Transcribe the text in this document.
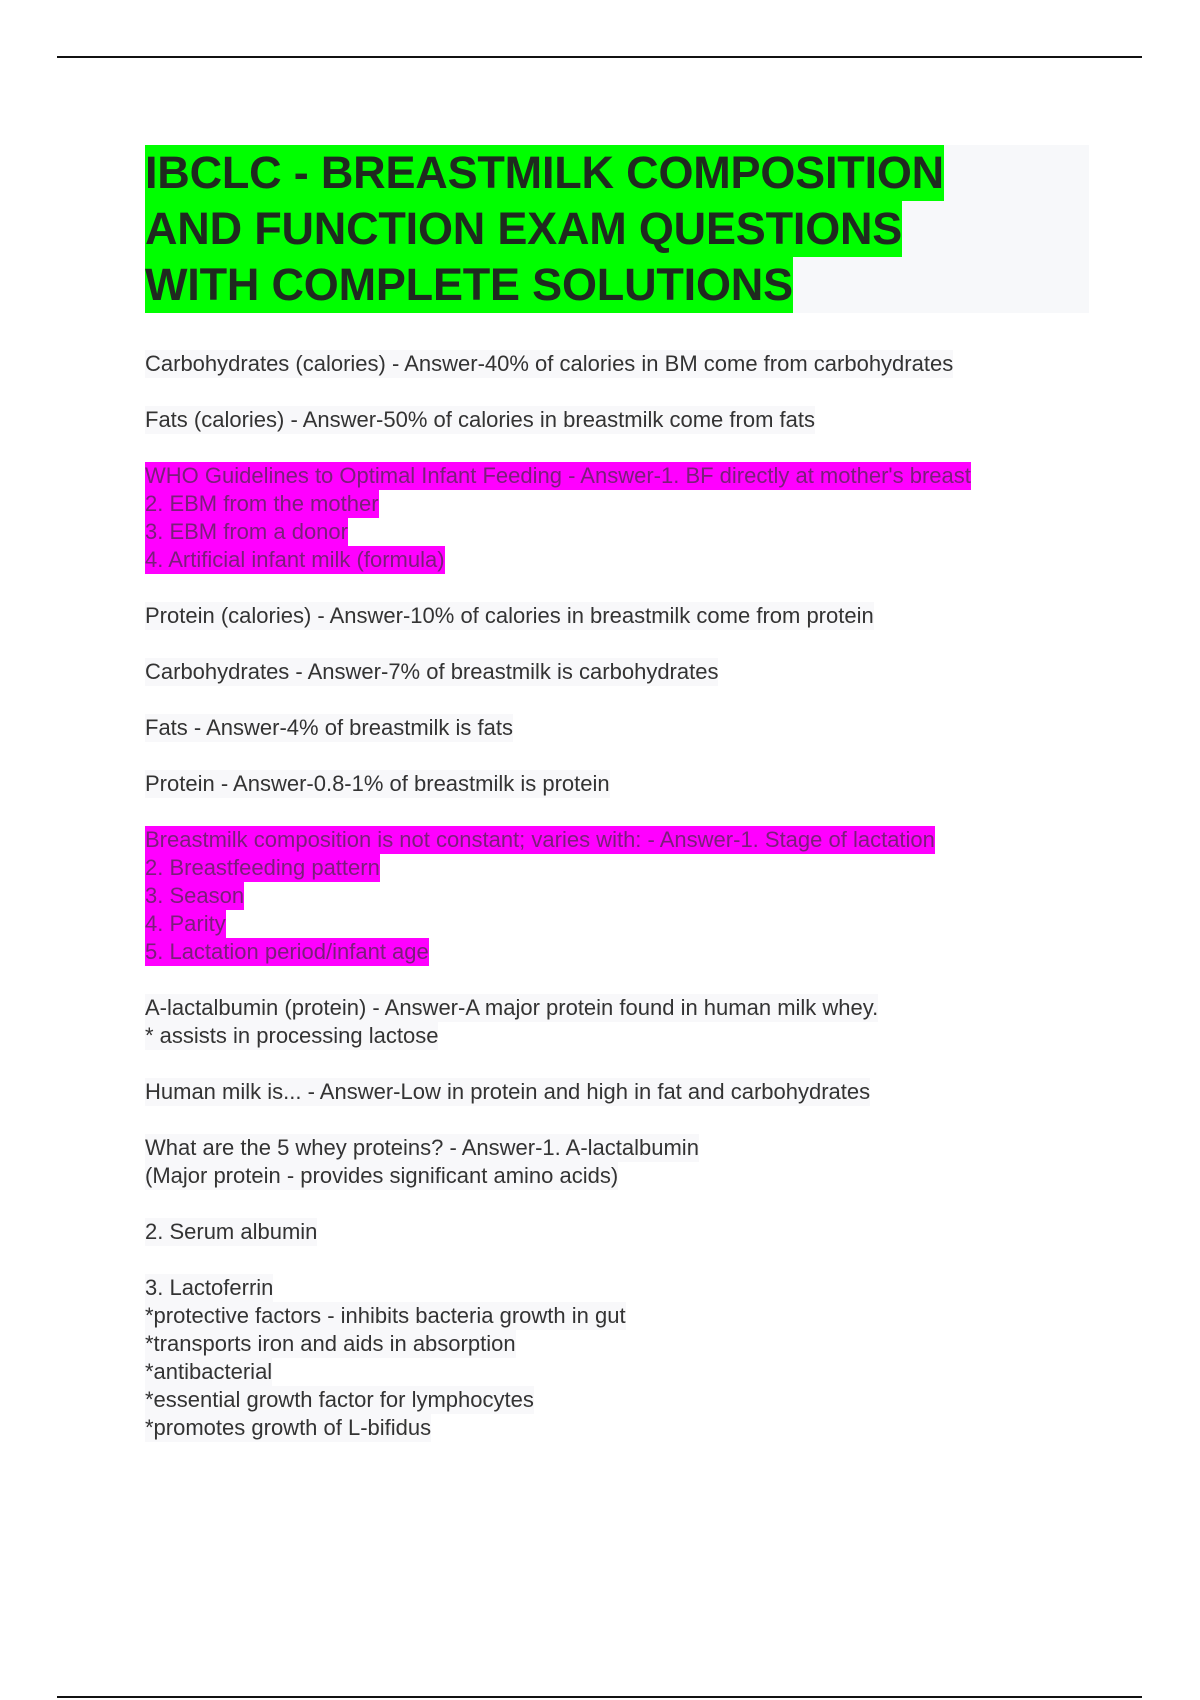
IBCLC - BREASTMILK COMPOSITION
AND FUNCTION EXAM QUESTIONS
WITH COMPLETE SOLUTIONS
Carbohydrates (calories) - Answer-40% of calories in BM come from carbohydrates
Fats (calories) - Answer-50% of calories in breastmilk come from fats
WHO Guidelines to Optimal Infant Feeding - Answer-1. BF directly at mother's breast
2. EBM from the mother
3. EBM from a donor
4. Artificial infant milk (formula)
Protein (calories) - Answer-10% of calories in breastmilk come from protein
Carbohydrates - Answer-7% of breastmilk is carbohydrates
Fats - Answer-4% of breastmilk is fats
Protein - Answer-0.8-1% of breastmilk is protein
Breastmilk composition is not constant; varies with: - Answer-1. Stage of lactation
2. Breastfeeding pattern
3. Season
4. Parity
5. Lactation period/infant age
A-lactalbumin (protein) - Answer-A major protein found in human milk whey.
* assists in processing lactose
Human milk is... - Answer-Low in protein and high in fat and carbohydrates
What are the 5 whey proteins? - Answer-1. A-lactalbumin
(Major protein - provides significant amino acids)
2. Serum albumin
3. Lactoferrin
*protective factors - inhibits bacteria growth in gut
*transports iron and aids in absorption
*antibacterial
*essential growth factor for lymphocytes
*promotes growth of L-bifidus
